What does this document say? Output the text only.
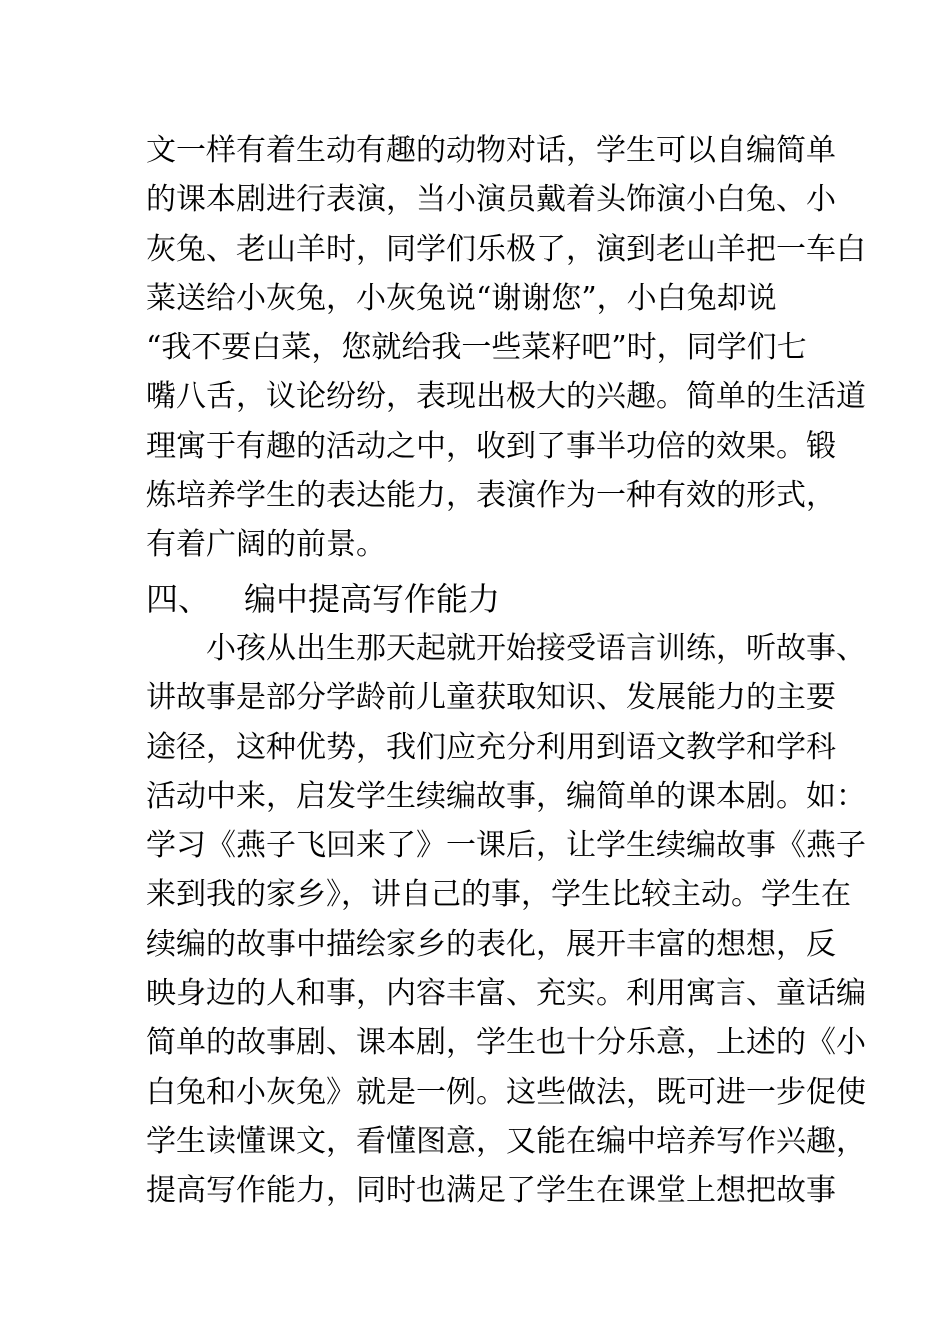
文一样有着生动有趣的动物对话，学生可以自编简单
的课本剧进行表演，当小演员戴着头饰演小白兔、小
灰兔、老山羊时，同学们乐极了，演到老山羊把一车白
菜送给小灰兔，小灰兔说“谢谢您”，小白兔却说
“我不要白菜，您就给我一些菜籽吧”时，同学们七
嘴八舌，议论纷纷，表现出极大的兴趣。简单的生活道
理寓于有趣的活动之中，收到了事半功倍的效果。锻
炼培养学生的表达能力，表演作为一种有效的形式，
有着广阔的前景。
四、 编中提高写作能力
　　小孩从出生那天起就开始接受语言训练，听故事、
讲故事是部分学龄前儿童获取知识、发展能力的主要
途径，这种优势，我们应充分利用到语文教学和学科
活动中来，启发学生续编故事，编简单的课本剧。如：
学习《燕子飞回来了》一课后，让学生续编故事《燕子
来到我的家乡》，讲自己的事，学生比较主动。学生在
续编的故事中描绘家乡的表化，展开丰富的想想，反
映身边的人和事，内容丰富、充实。利用寓言、童话编
简单的故事剧、课本剧，学生也十分乐意，上述的《小
白兔和小灰兔》就是一例。这些做法，既可进一步促使
学生读懂课文，看懂图意，又能在编中培养写作兴趣，
提高写作能力，同时也满足了学生在课堂上想把故事
